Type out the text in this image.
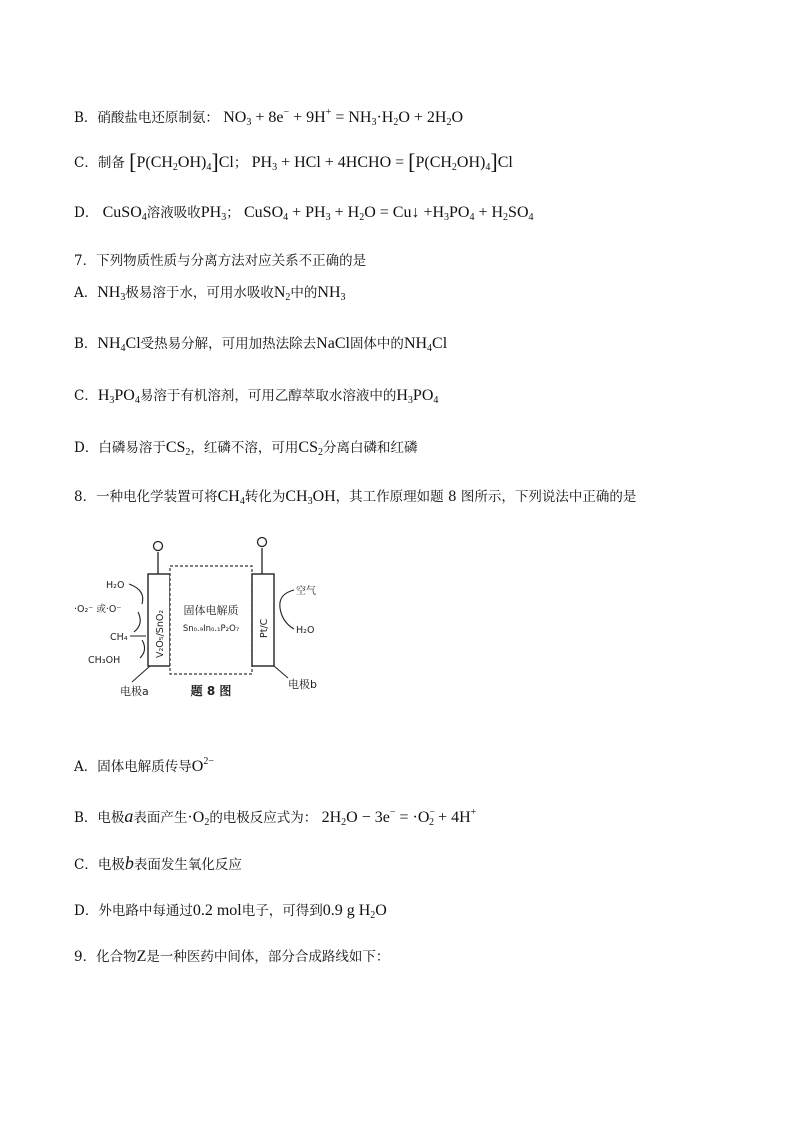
B．硝酸盐电还原制氨： $NO_3 + 8e^- + 9H^+ = NH_3\cdot H_2O + 2H_2O$
C．制备 $[P(CH_2OH)_4]Cl$； $PH_3$ + HCl + 4HCHO = $[P(CH_2OH)_4]Cl$
D． CuSO$_4$溶液吸收$PH_3$； CuSO$_4$ + $PH_3 + H_2O$ = Cu↓ $+H_3PO_4 + H_2SO_4$
7．下列物质性质与分离方法对应关系不正确的是
A．$NH_3$极易溶于水，可用水吸收$N_2$中的$NH_3$
B．$NH_4Cl$受热易分解，可用加热法除去NaCl固体中的$NH_4Cl$
C．$H_3PO_4$易溶于有机溶剂，可用乙醇萃取水溶液中的$H_3PO_4$
D．白磷易溶于$CS_2$，红磷不溶，可用$CS_2$分离白磷和红磷
8．一种电化学装置可将$CH_4$转化为$CH_3OH$，其工作原理如题 8 图所示，下列说法中正确的是
V₂O₅/SnO₂ 固体电解质
Sn₀.₉In₀.₁P₂O₇ Pt/C
H₂O
·O₂⁻ 或·O⁻
CH₄
CH₃OH
空气
H₂O
电极a
电极b
题 8 图
A．固体电解质传导$O^{2-}$
B．电极a表面产生$\cdot O_2$的电极反应式为： $2H_2O - 3e^- = \cdot O^-_2 + 4H^+$
C．电极b表面发生氧化反应
D．外电路中每通过0.2 mol电子，可得到0.9 g $H_2O$
9．化合物Z是一种医药中间体，部分合成路线如下：
